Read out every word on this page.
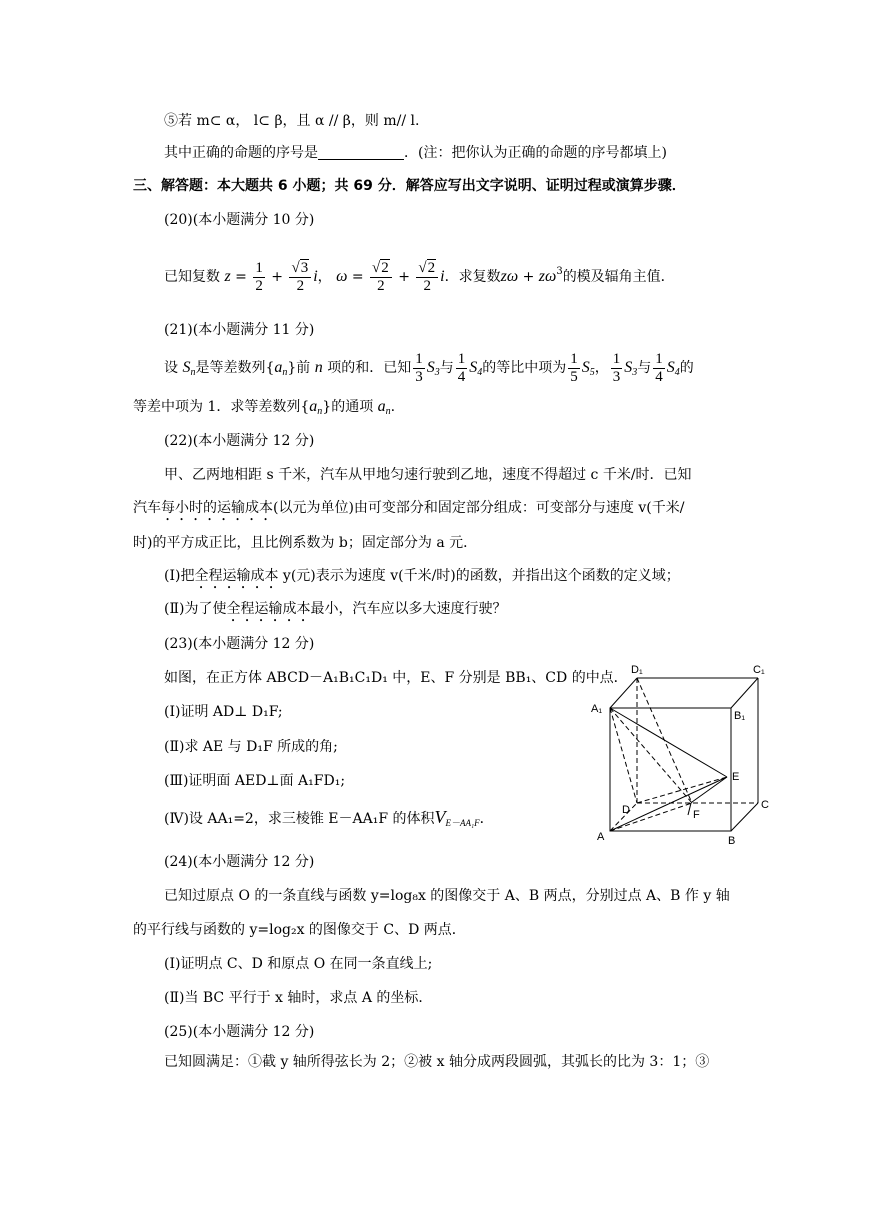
⑤若 m⊂ α， l⊂ β，且 α // β，则 m// l.
其中正确的命题的序号是	．(注：把你认为正确的命题的序号都填上)
三、解答题：本大题共 6 小题；共 69 分．解答应写出文字说明、证明过程或演算步骤．
(20)(本小题满分 10 分)
已知复数 $z = \frac{1}{2} + \frac{√3}{2}$ i， $\omega = \frac{√2}{2} + \frac{√2}{2}$ i．求复数$z\omega + z\omega^3$的模及辐角主值．
(21)(本小题满分 11 分)
设 $S_n$是等差数列$\{a_n\}$前 n 项的和．已知 $\frac{1}{3} S_3$与 $\frac{1}{4} S_4$的等比中项为 $\frac{1}{5} S_5$， $\frac{1}{3} S_3$与 $\frac{1}{4} S_4$的
等差中项为 1．求等差数列$\{a_n\}$的通项 $a_n$.
(22)(本小题满分 12 分)
甲、乙两地相距 s 千米，汽车从甲地匀速行驶到乙地，速度不得超过 c 千米/时．已知
汽车每小时的运输成本(以元为单位)由可变部分和固定部分组成：可变部分与速度 v(千米/
时)的平方成正比，且比例系数为 b；固定部分为 a 元．
(Ⅰ)把全程运输成本 y(元)表示为速度 v(千米/时)的函数，并指出这个函数的定义域；
(Ⅱ)为了使全程运输成本最小，汽车应以多大速度行驶？
(23)(本小题满分 12 分)
如图，在正方体 ABCD－A₁B₁C₁D₁ 中，E、F 分别是 BB₁、CD 的中点．
(Ⅰ)证明 AD⊥ D₁F;
(Ⅱ)求 AE 与 D₁F 所成的角;
(Ⅲ)证明面 AED⊥面 A₁FD₁;
(Ⅳ)设 AA₁=2，求三棱锥 E－AA₁F 的体积$V_{E-AA_1F}$．
D₁	C₁
A₁
B₁
E
D	C
F
A	B
(24)(本小题满分 12 分)
已知过原点 O 的一条直线与函数 y=log₈x 的图像交于 A、B 两点，分别过点 A、B 作 y 轴
的平行线与函数的 y=log₂x 的图像交于 C、D 两点．
(Ⅰ)证明点 C、D 和原点 O 在同一条直线上;
(Ⅱ)当 BC 平行于 x 轴时，求点 A 的坐标．
(25)(本小题满分 12 分)
已知圆满足：①截 y 轴所得弦长为 2；②被 x 轴分成两段圆弧，其弧长的比为 3：1；③
